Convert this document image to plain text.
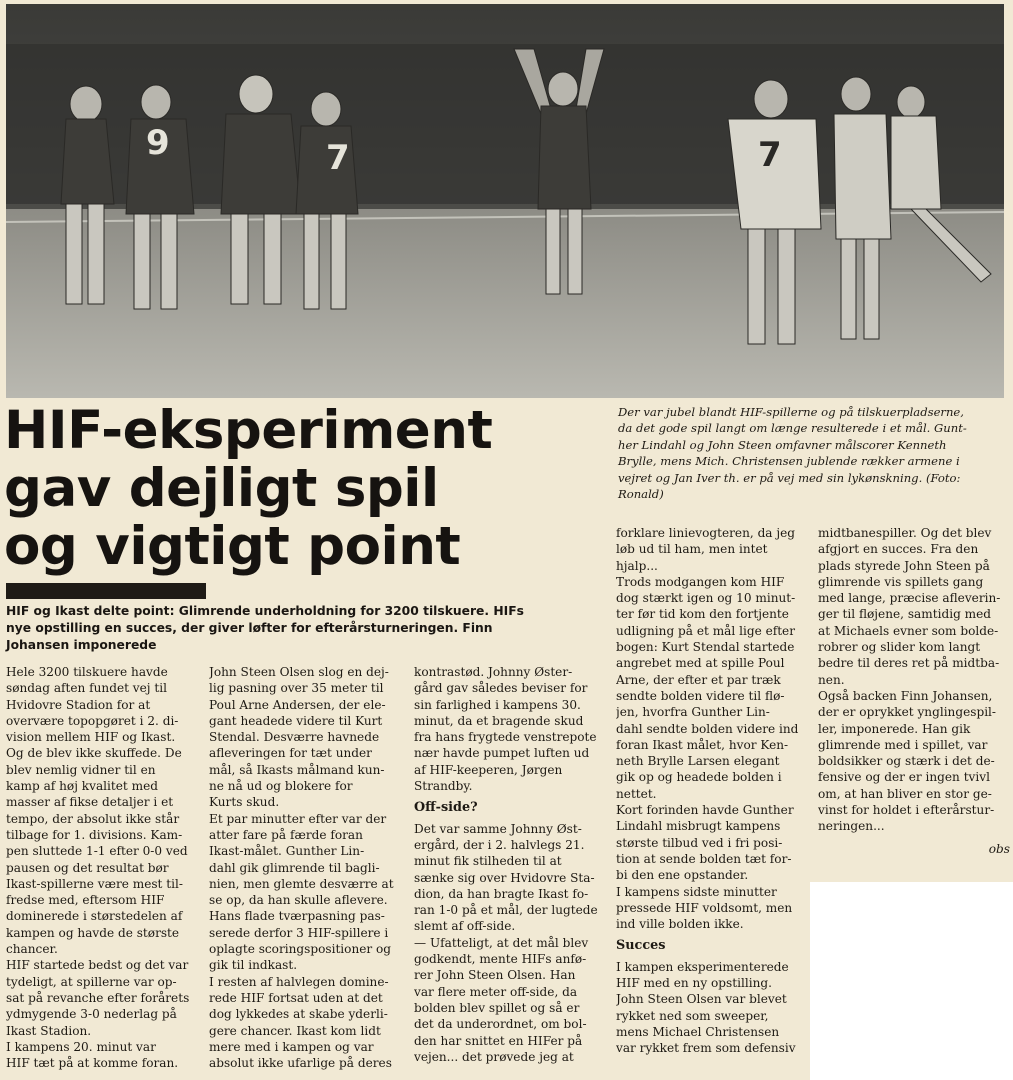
9	7
7
HIF-eksperiment
gav dejligt spil
og vigtigt point
Der var jubel blandt HIF-spillerne og på tilskuerpladserne,
da det gode spil langt om længe resulterede i et mål. Gunt-
her Lindahl og John Steen omfavner målscorer Kenneth
Brylle, mens Mich. Christensen jublende rækker armene i
vejret og Jan Iver th. er på vej med sin lykønskning. (Foto:
Ronald)
HIF og Ikast delte point: Glimrende underholdning for 3200 tilskuere. HIFs
nye opstilling en succes, der giver løfter for efterårsturneringen. Finn
Johansen imponerede
Hele 3200 tilskuere havde
søndag aften fundet vej til
Hvidovre Stadion for at
overvære topopgøret i 2. di-
vision mellem HIF og Ikast.
Og de blev ikke skuffede. De
blev nemlig vidner til en
kamp af høj kvalitet med
masser af fikse detaljer i et
tempo, der absolut ikke står
tilbage for 1. divisions. Kam-
pen sluttede 1-1 efter 0-0 ved
pausen og det resultat bør
Ikast-spillerne være mest til-
fredse med, eftersom HIF
dominerede i størstedelen af
kampen og havde de største
chancer.
HIF startede bedst og det var
tydeligt, at spillerne var op-
sat på revanche efter forårets
ydmygende 3-0 nederlag på
Ikast Stadion.
I kampens 20. minut var
HIF tæt på at komme foran.
John Steen Olsen slog en dej-
lig pasning over 35 meter til
Poul Arne Andersen, der ele-
gant headede videre til Kurt
Stendal. Desværre havnede
afleveringen for tæt under
mål, så Ikasts målmand kun-
ne nå ud og blokere for
Kurts skud.
Et par minutter efter var der
atter fare på færde foran
Ikast-målet. Gunther Lin-
dahl gik glimrende til bagli-
nien, men glemte desværre at
se op, da han skulle aflevere.
Hans flade tværpasning pas-
serede derfor 3 HIF-spillere i
oplagte scoringspositioner og
gik til indkast.
I resten af halvlegen domine-
rede HIF fortsat uden at det
dog lykkedes at skabe yderli-
gere chancer. Ikast kom lidt
mere med i kampen og var
absolut ikke ufarlige på deres
kontrastød. Johnny Øster-
gård gav således beviser for
sin farlighed i kampens 30.
minut, da et bragende skud
fra hans frygtede venstrepote
nær havde pumpet luften ud
af HIF-keeperen, Jørgen
Strandby.
Off-side?
Det var samme Johnny Øst-
ergård, der i 2. halvlegs 21.
minut fik stilheden til at
sænke sig over Hvidovre Sta-
dion, da han bragte Ikast fo-
ran 1-0 på et mål, der lugtede
slemt af off-side.
— Ufatteligt, at det mål blev
godkendt, mente HIFs anfø-
rer John Steen Olsen. Han
var flere meter off-side, da
bolden blev spillet og så er
det da underordnet, om bol-
den har snittet en HIFer på
vejen... det prøvede jeg at
forklare linievogteren, da jeg
løb ud til ham, men intet
hjalp...
Trods modgangen kom HIF
dog stærkt igen og 10 minut-
ter før tid kom den fortjente
udligning på et mål lige efter
bogen: Kurt Stendal startede
angrebet med at spille Poul
Arne, der efter et par træk
sendte bolden videre til flø-
jen, hvorfra Gunther Lin-
dahl sendte bolden videre ind
foran Ikast målet, hvor Ken-
neth Brylle Larsen elegant
gik op og headede bolden i
nettet.
Kort forinden havde Gunther
Lindahl misbrugt kampens
største tilbud ved i fri posi-
tion at sende bolden tæt for-
bi den ene opstander.
I kampens sidste minutter
pressede HIF voldsomt, men
ind ville bolden ikke.
Succes
I kampen eksperimenterede
HIF med en ny opstilling.
John Steen Olsen var blevet
rykket ned som sweeper,
mens Michael Christensen
var rykket frem som defensiv
midtbanespiller. Og det blev
afgjort en succes. Fra den
plads styrede John Steen på
glimrende vis spillets gang
med lange, præcise afleverin-
ger til fløjene, samtidig med
at Michaels evner som bolde-
robrer og slider kom langt
bedre til deres ret på midtba-
nen.
Også backen Finn Johansen,
der er oprykket ynglingespil-
ler, imponerede. Han gik
glimrende med i spillet, var
boldsikker og stærk i det de-
fensive og der er ingen tvivl
om, at han bliver en stor ge-
vinst for holdet i efterårstur-
neringen...
obs
